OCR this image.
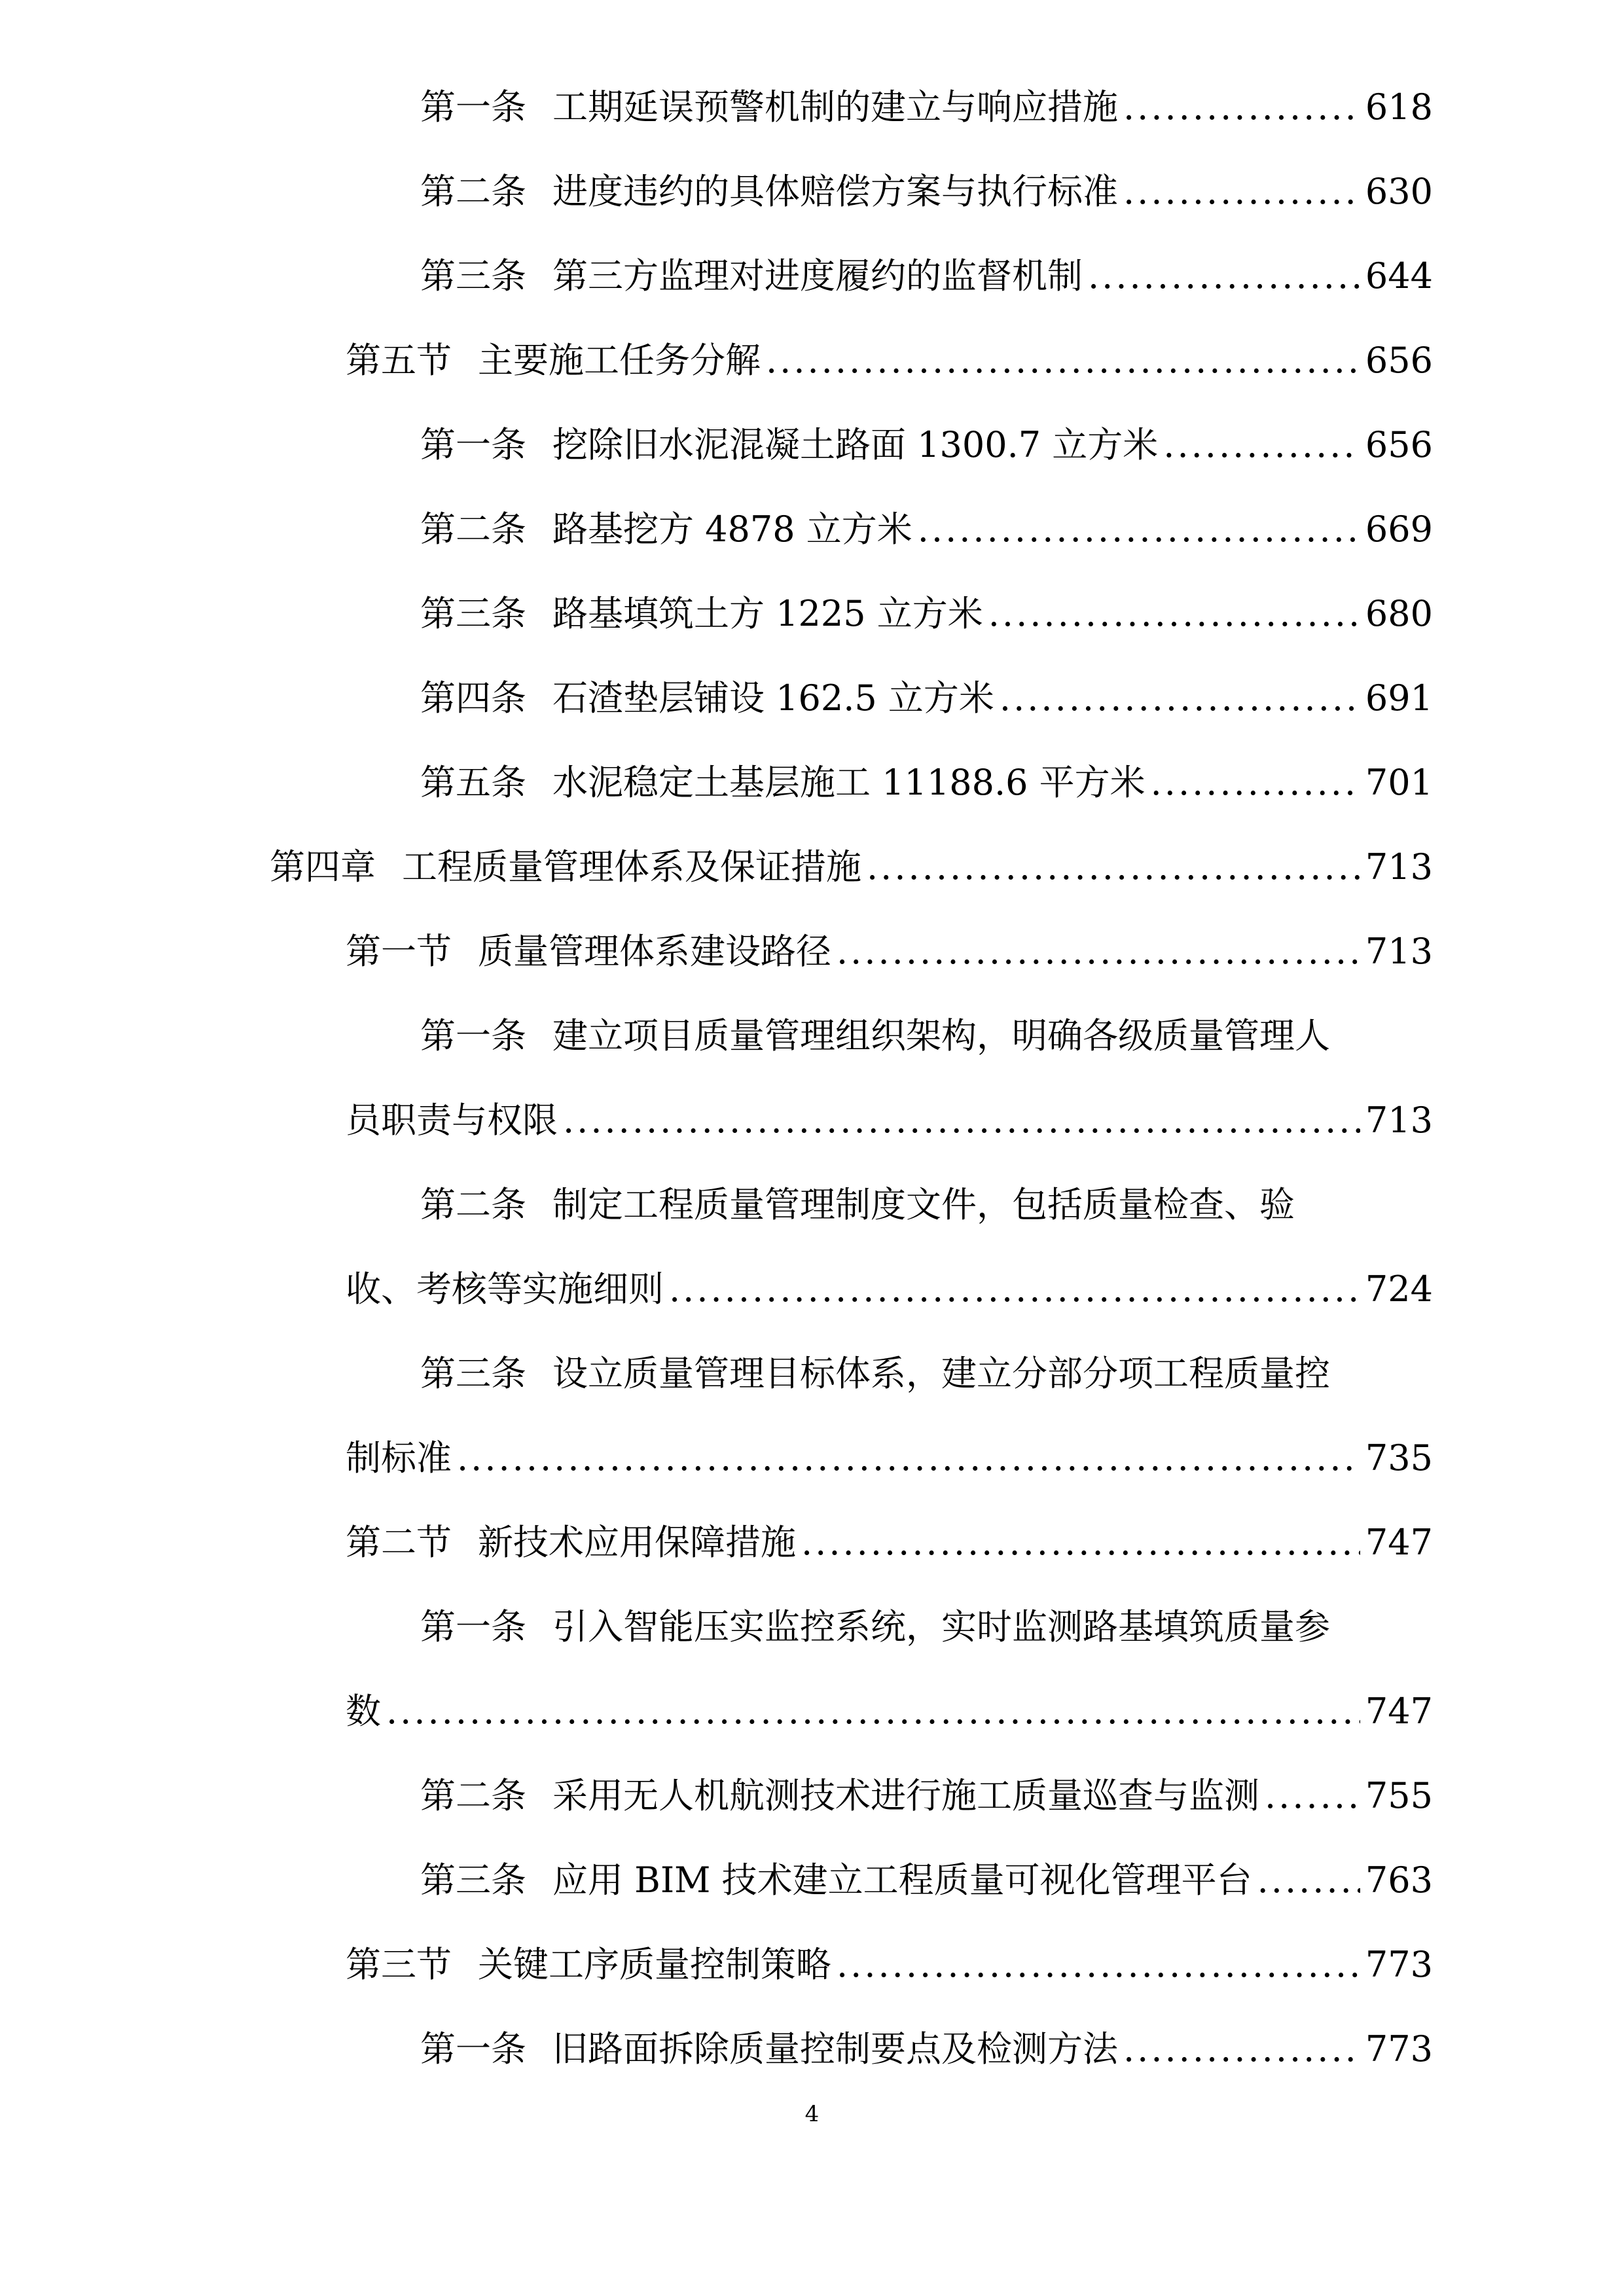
第一条 工期延误预警机制的建立与响应措施 .....	618
第二条 进度违约的具体赔偿方案与执行标准 .....	630
第三条 第三方监理对进度履约的监督机制 .....	644
第五节 主要施工任务分解 .....	656
第一条 挖除旧水泥混凝土路面 1300.7 立方米 .....	656
第二条 路基挖方 4878 立方米 .....	669
第三条 路基填筑土方 1225 立方米 .....	680
第四条 石渣垫层铺设 162.5 立方米 .....	691
第五条 水泥稳定土基层施工 11188.6 平方米 .....	701
第四章 工程质量管理体系及保证措施 .....	713
第一节 质量管理体系建设路径 .....	713
第一条 建立项目质量管理组织架构，明确各级质量管理人
员职责与权限 .....	713
第二条 制定工程质量管理制度文件，包括质量检查、验
收、考核等实施细则 .....	724
第三条 设立质量管理目标体系，建立分部分项工程质量控
制标准 .....	735
第二节 新技术应用保障措施 .....	747
第一条 引入智能压实监控系统，实时监测路基填筑质量参
数 .....	747
第二条 采用无人机航测技术进行施工质量巡查与监测 .....	755
第三条 应用 BIM 技术建立工程质量可视化管理平台 .....	763
第三节 关键工序质量控制策略 .....	773
第一条 旧路面拆除质量控制要点及检测方法 .....	773
4
